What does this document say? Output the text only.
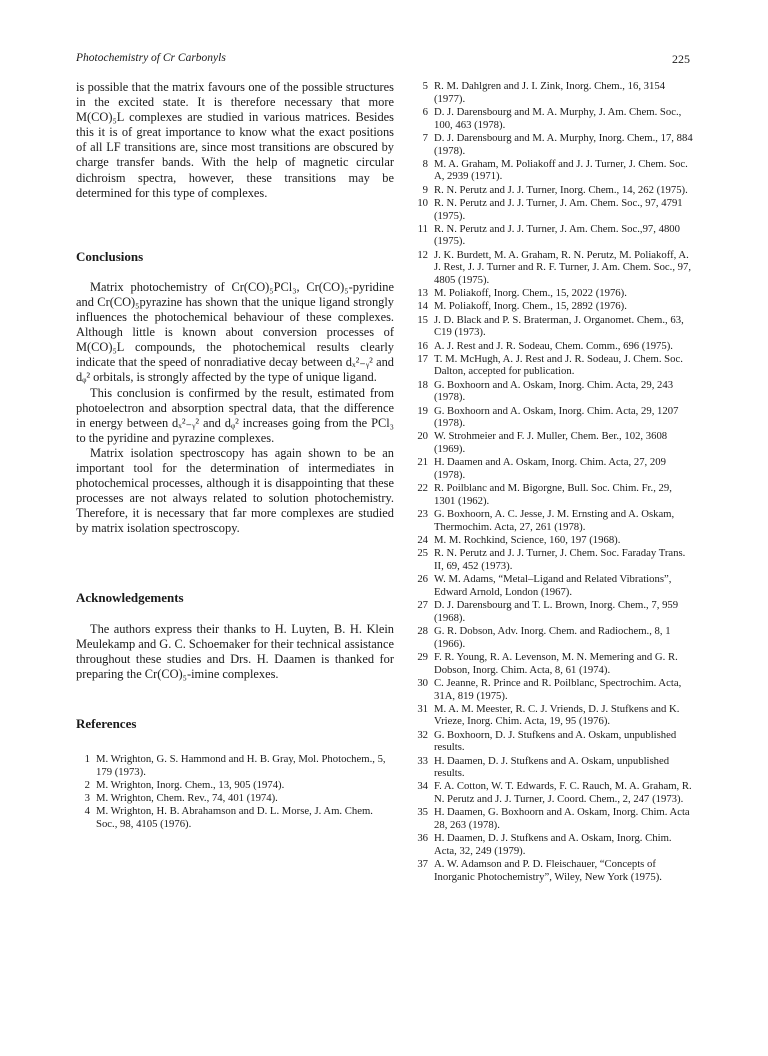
Photochemistry of Cr Carbonyls	225

is possible that the matrix favours one of the possible structures in the excited state. It is therefore necessary that more M(CO)₅L complexes are studied in various matrices. Besides this it is of great importance to know what the exact positions of all LF transitions are, since most transitions are obscured by charge transfer bands. With the help of magnetic circular dichroism spectra, however, these transitions may be determined for this type of complexes.

Conclusions

Matrix photochemistry of Cr(CO)₅PCl₃, Cr(CO)₅-pyridine and Cr(CO)₅pyrazine has shown that the unique ligand strongly influences the photochemical behaviour of these complexes. Although little is known about conversion processes of M(CO)₅L compounds, the photochemical results clearly indicate that the speed of nonradiative decay between dₓ²₋ᵧ² and dᵩ² orbitals, is strongly affected by the type of unique ligand.

This conclusion is confirmed by the result, estimated from photoelectron and absorption spectral data, that the difference in energy between dₓ²₋ᵧ² and dᵩ² increases going from the PCl₃ to the pyridine and pyrazine complexes.

Matrix isolation spectroscopy has again shown to be an important tool for the determination of intermediates in photochemical processes, although it is disappointing that these processes are not always related to solution photochemistry. Therefore, it is necessary that far more complexes are studied by matrix isolation spectroscopy.

Acknowledgements

The authors express their thanks to H. Luyten, B. H. Klein Meulekamp and G. C. Schoemaker for their technical assistance throughout these studies and Drs. H. Daamen is thanked for preparing the Cr(CO)₅-imine complexes.

References
1 M. Wrighton, G. S. Hammond and H. B. Gray, Mol. Photochem., 5, 179 (1973).
2 M. Wrighton, Inorg. Chem., 13, 905 (1974).
3 M. Wrighton, Chem. Rev., 74, 401 (1974).
4 M. Wrighton, H. B. Abrahamson and D. L. Morse, J. Am. Chem. Soc., 98, 4105 (1976).
5 R. M. Dahlgren and J. I. Zink, Inorg. Chem., 16, 3154 (1977).
6 D. J. Darensbourg and M. A. Murphy, J. Am. Chem. Soc., 100, 463 (1978).
7 D. J. Darensbourg and M. A. Murphy, Inorg. Chem., 17, 884 (1978).
8 M. A. Graham, M. Poliakoff and J. J. Turner, J. Chem. Soc. A, 2939 (1971).
9 R. N. Perutz and J. J. Turner, Inorg. Chem., 14, 262 (1975).
10 R. N. Perutz and J. J. Turner, J. Am. Chem. Soc., 97, 4791 (1975).
11 R. N. Perutz and J. J. Turner, J. Am. Chem. Soc.,97, 4800 (1975).
12 J. K. Burdett, M. A. Graham, R. N. Perutz, M. Poliakoff, A. J. Rest, J. J. Turner and R. F. Turner, J. Am. Chem. Soc., 97, 4805 (1975).
13 M. Poliakoff, Inorg. Chem., 15, 2022 (1976).
14 M. Poliakoff, Inorg. Chem., 15, 2892 (1976).
15 J. D. Black and P. S. Braterman, J. Organomet. Chem., 63, C19 (1973).
16 A. J. Rest and J. R. Sodeau, Chem. Comm., 696 (1975).
17 T. M. McHugh, A. J. Rest and J. R. Sodeau, J. Chem. Soc. Dalton, accepted for publication.
18 G. Boxhoorn and A. Oskam, Inorg. Chim. Acta, 29, 243 (1978).
19 G. Boxhoorn and A. Oskam, Inorg. Chim. Acta, 29, 1207 (1978).
20 W. Strohmeier and F. J. Muller, Chem. Ber., 102, 3608 (1969).
21 H. Daamen and A. Oskam, Inorg. Chim. Acta, 27, 209 (1978).
22 R. Poilblanc and M. Bigorgne, Bull. Soc. Chim. Fr., 29, 1301 (1962).
23 G. Boxhoorn, A. C. Jesse, J. M. Ernsting and A. Oskam, Thermochim. Acta, 27, 261 (1978).
24 M. M. Rochkind, Science, 160, 197 (1968).
25 R. N. Perutz and J. J. Turner, J. Chem. Soc. Faraday Trans. II, 69, 452 (1973).
26 W. M. Adams, “Metal–Ligand and Related Vibrations”, Edward Arnold, London (1967).
27 D. J. Darensbourg and T. L. Brown, Inorg. Chem., 7, 959 (1968).
28 G. R. Dobson, Adv. Inorg. Chem. and Radiochem., 8, 1 (1966).
29 F. R. Young, R. A. Levenson, M. N. Memering and G. R. Dobson, Inorg. Chim. Acta, 8, 61 (1974).
30 C. Jeanne, R. Prince and R. Poilblanc, Spectrochim. Acta, 31A, 819 (1975).
31 M. A. M. Meester, R. C. J. Vriends, D. J. Stufkens and K. Vrieze, Inorg. Chim. Acta, 19, 95 (1976).
32 G. Boxhoorn, D. J. Stufkens and A. Oskam, unpublished results.
33 H. Daamen, D. J. Stufkens and A. Oskam, unpublished results.
34 F. A. Cotton, W. T. Edwards, F. C. Rauch, M. A. Graham, R. N. Perutz and J. J. Turner, J. Coord. Chem., 2, 247 (1973).
35 H. Daamen, G. Boxhoorn and A. Oskam, Inorg. Chim. Acta 28, 263 (1978).
36 H. Daamen, D. J. Stufkens and A. Oskam, Inorg. Chim. Acta, 32, 249 (1979).
37 A. W. Adamson and P. D. Fleischauer, “Concepts of Inorganic Photochemistry”, Wiley, New York (1975).
